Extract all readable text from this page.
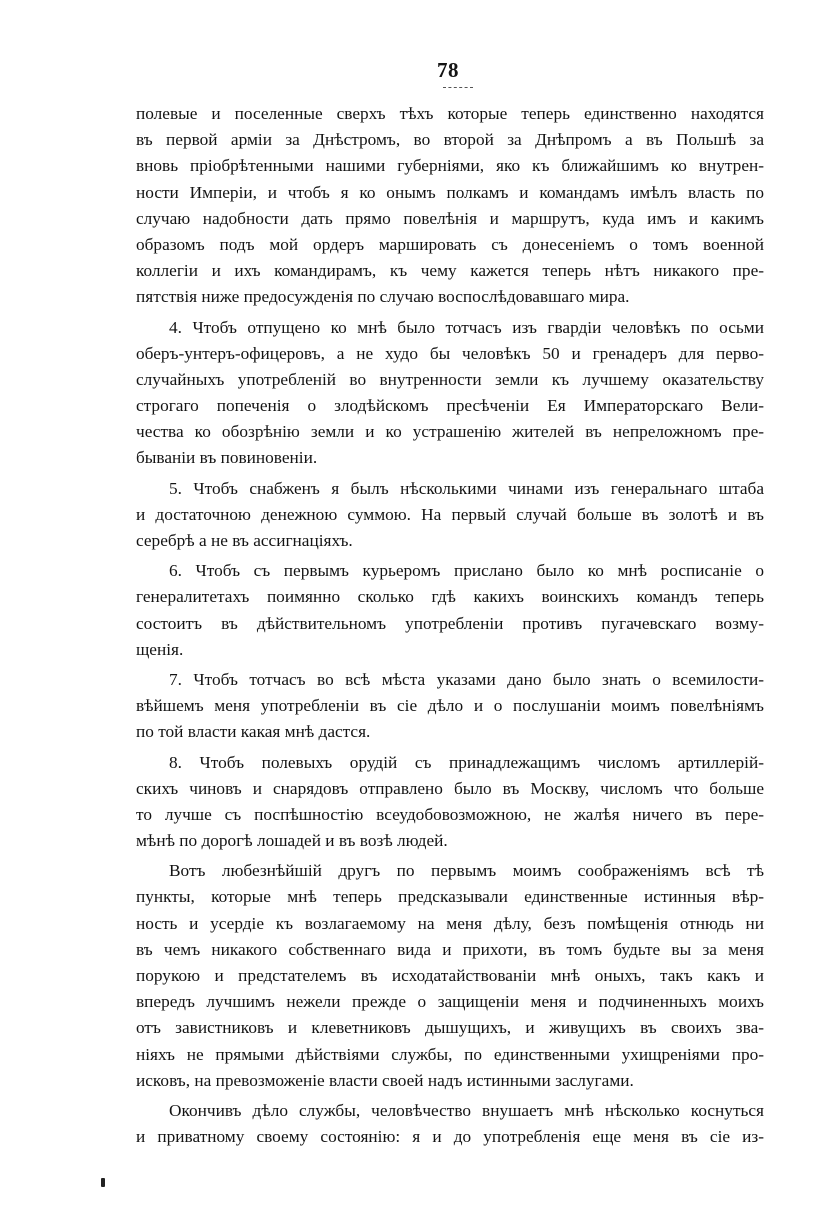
78
полевые и поселенные сверхъ тѣхъ которые теперь единственно находятся
въ первой арміи за Днѣстромъ, во второй за Днѣпромъ а въ Польшѣ за
вновь пріобрѣтенными нашими губерніями, яко къ ближайшимъ ко внутрен-
ности Имперіи, и чтобъ я ко онымъ полкамъ и командамъ имѣлъ власть по
случаю надобности дать прямо повелѣнія и маршрутъ, куда имъ и какимъ
образомъ подъ мой ордеръ маршировать съ донесеніемъ о томъ военной
коллегіи и ихъ командирамъ, къ чему кажется теперь нѣтъ никакого пре-
пятствія ниже предосужденія по случаю воспослѣдовавшаго мира.
4. Чтобъ отпущено ко мнѣ было тотчасъ изъ гвардіи человѣкъ по осьми
оберъ-унтеръ-офицеровъ, а не худо бы человѣкъ 50 и гренадеръ для перво-
случайныхъ употребленій во внутренности земли къ лучшему оказательству
строгаго попеченія о злодѣйскомъ пресѣченіи Ея Императорскаго Вели-
чества ко обозрѣнію земли и ко устрашенію жителей въ непреложномъ пре-
бываніи въ повиновеніи.
5. Чтобъ снабженъ я былъ нѣсколькими чинами изъ генеральнаго штаба
и достаточною денежною суммою. На первый случай больше въ золотѣ и въ
серебрѣ а не въ ассигнаціяхъ.
6. Чтобъ съ первымъ курьеромъ прислано было ко мнѣ росписаніе о
генералитетахъ поимянно сколько гдѣ какихъ воинскихъ командъ теперь
состоитъ въ дѣйствительномъ употребленіи противъ пугачевскаго возму-
щенія.
7. Чтобъ тотчасъ во всѣ мѣста указами дано было знать о всемилости-
вѣйшемъ меня употребленіи въ сіе дѣло и о послушаніи моимъ повелѣніямъ
по той власти какая мнѣ дастся.
8. Чтобъ полевыхъ орудій съ принадлежащимъ числомъ артиллерій-
скихъ чиновъ и снарядовъ отправлено было въ Москву, числомъ что больше
то лучше съ поспѣшностію всеудобовозможною, не жалѣя ничего въ пере-
мѣнѣ по дорогѣ лошадей и въ возѣ людей.
Вотъ любезнѣйшій другъ по первымъ моимъ соображеніямъ всѣ тѣ
пункты, которые мнѣ теперь предсказывали единственные истинныя вѣр-
ность и усердіе къ возлагаемому на меня дѣлу, безъ помѣщенія отнюдь ни
въ чемъ никакого собственнаго вида и прихоти, въ томъ будьте вы за меня
порукою и предстателемъ въ исходатайствованіи мнѣ оныхъ, такъ какъ и
впередъ лучшимъ нежели прежде о защищеніи меня и подчиненныхъ моихъ
отъ завистниковъ и клеветниковъ дышущихъ, и живущихъ въ своихъ зва-
ніяхъ не прямыми дѣйствіями службы, по единственными ухищреніями про-
исковъ, на превозможеніе власти своей надъ истинными заслугами.
Окончивъ дѣло службы, человѣчество внушаетъ мнѣ нѣсколько коснуться
и приватному своему состоянію: я и до употребленія еще меня въ сіе из-
